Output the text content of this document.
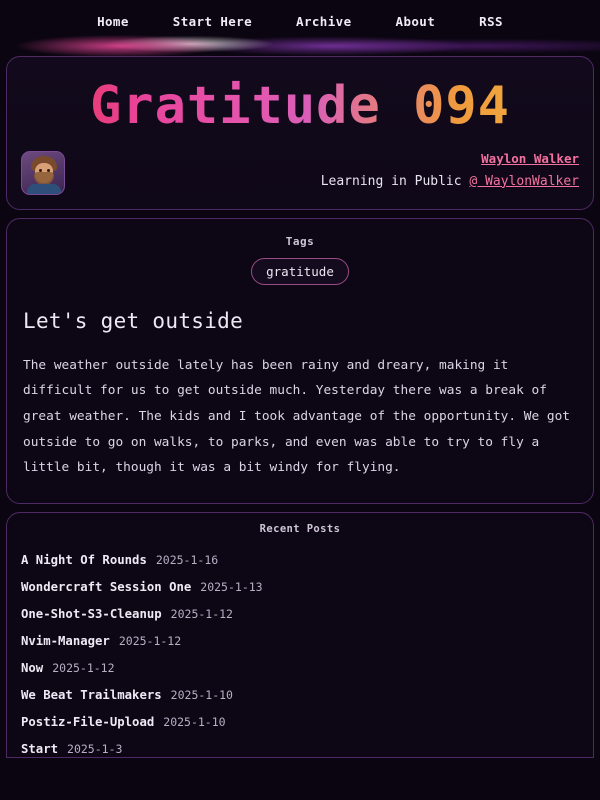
Home	Start Here	Archive	About	RSS
Gratitude 094
Waylon Walker
Learning in Public @ WaylonWalker
Tags
gratitude
Let's get outside

The weather outside lately has been rainy and dreary, making it difficult for us to get outside much. Yesterday there was a break of great weather. The kids and I took advantage of the opportunity. We got outside to go on walks, to parks, and even was able to try to fly a little bit, though it was a bit windy for flying.

Recent Posts
A Night Of Rounds 2025-1-16
Wondercraft Session One 2025-1-13
One-Shot-S3-Cleanup 2025-1-12
Nvim-Manager 2025-1-12
Now 2025-1-12
We Beat Trailmakers 2025-1-10
Postiz-File-Upload 2025-1-10
Start 2025-1-3
